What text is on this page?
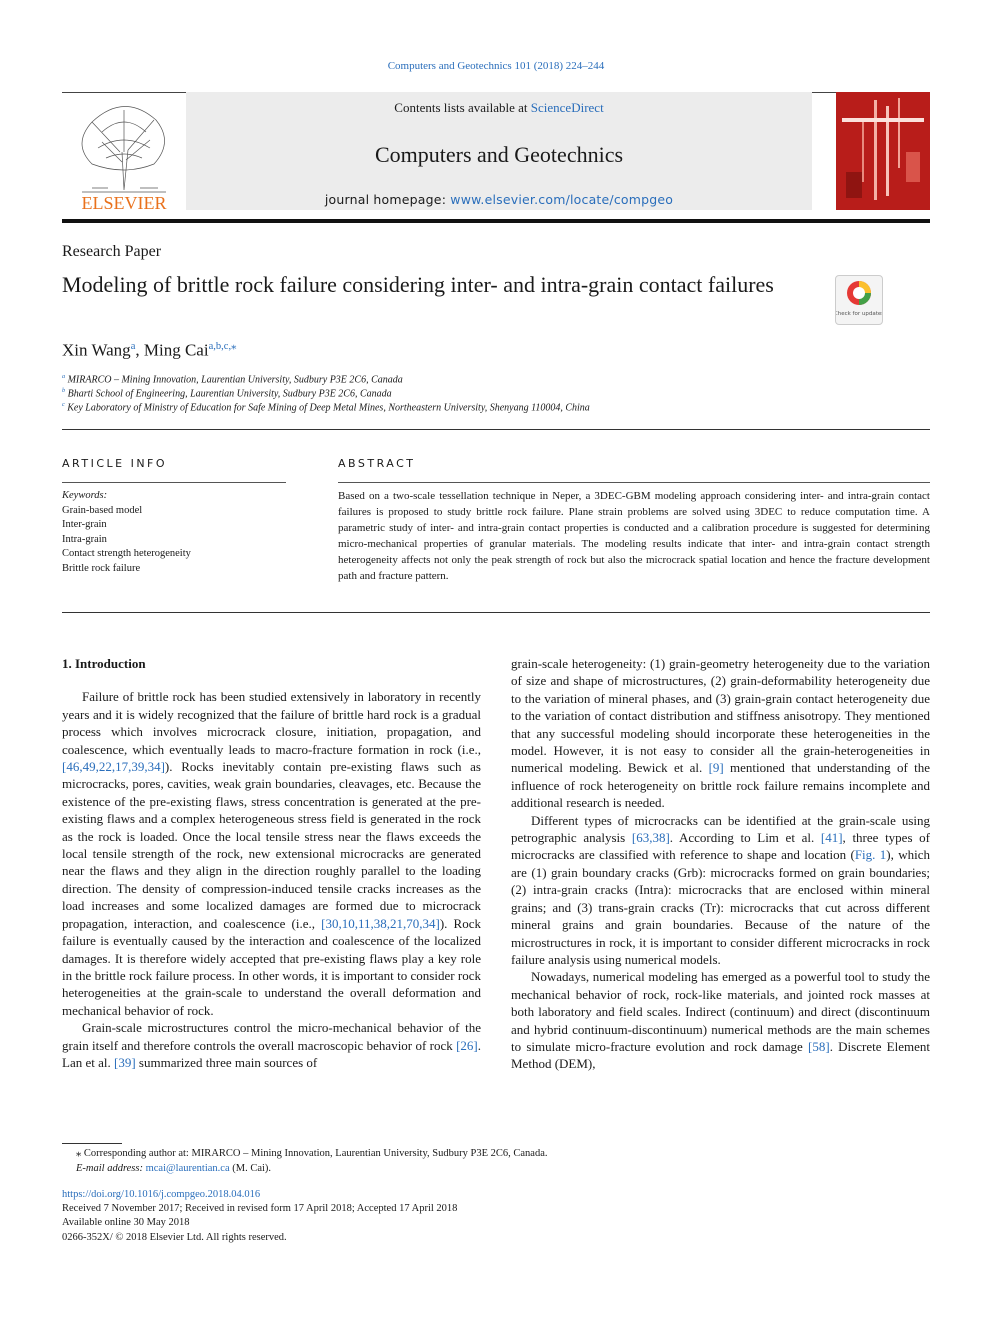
Computers and Geotechnics 101 (2018) 224–244
ELSEVIER
Contents lists available at ScienceDirect
Computers and Geotechnics
journal homepage: www.elsevier.com/locate/compgeo
Research Paper
Modeling of brittle rock failure considering inter- and intra-grain contact failures
Check for updates
Xin Wang$^a$, Ming Cai$^{a,b,c,⁎}$
$^a$ MIRARCO – Mining Innovation, Laurentian University, Sudbury P3E 2C6, Canada
$^b$ Bharti School of Engineering, Laurentian University, Sudbury P3E 2C6, Canada
$^c$ Key Laboratory of Ministry of Education for Safe Mining of Deep Metal Mines, Northeastern University, Shenyang 110004, China
ARTICLE INFO	ABSTRACT
Keywords:
Grain-based model
Inter-grain
Intra-grain
Contact strength heterogeneity
Brittle rock failure
Based on a two-scale tessellation technique in Neper, a 3DEC-GBM modeling approach considering inter- and intra-grain contact failures is proposed to study brittle rock failure. Plane strain problems are solved using 3DEC to reduce computation time. A parametric study of inter- and intra-grain contact properties is conducted and a calibration procedure is suggested for determining micro-mechanical properties of granular materials. The modeling results indicate that inter- and intra-grain contact strength heterogeneity affects not only the peak strength of rock but also the microcrack spatial location and hence the fracture development path and fracture pattern.
1. Introduction

Failure of brittle rock has been studied extensively in laboratory in recently years and it is widely recognized that the failure of brittle hard rock is a gradual process which involves microcrack closure, initiation, propagation, and coalescence, which eventually leads to macro-fracture formation in rock (i.e., [46,49,22,17,39,34]). Rocks inevitably contain pre-existing flaws such as microcracks, pores, cavities, weak grain boundaries, cleavages, etc. Because the existence of the pre-existing flaws, stress concentration is generated at the pre-existing flaws and a complex heterogeneous stress field is generated in the rock as the rock is loaded. Once the local tensile stress near the flaws exceeds the local tensile strength of the rock, new extensional microcracks are generated near the flaws and they align in the direction roughly parallel to the loading direction. The density of compression-induced tensile cracks increases as the load increases and some localized damages are formed due to microcrack propagation, interaction, and coalescence (i.e., [30,10,11,38,21,70,34]). Rock failure is eventually caused by the interaction and coalescence of the localized damages. It is therefore widely accepted that pre-existing flaws play a key role in the brittle rock failure process. In other words, it is important to consider rock heterogeneities at the grain-scale to understand the overall deformation and mechanical behavior of rock.

Grain-scale microstructures control the micro-mechanical behavior of the grain itself and therefore controls the overall macroscopic behavior of rock [26]. Lan et al. [39] summarized three main sources of

grain-scale heterogeneity: (1) grain-geometry heterogeneity due to the variation of size and shape of microstructures, (2) grain-deformability heterogeneity due to the variation of mineral phases, and (3) grain-grain contact heterogeneity due to the variation of contact distribution and stiffness anisotropy. They mentioned that any successful modeling should incorporate these heterogeneities in the model. However, it is not easy to consider all the grain-heterogeneities in numerical modeling. Bewick et al. [9] mentioned that understanding of the influence of rock heterogeneity on brittle rock failure remains incomplete and additional research is needed.

Different types of microcracks can be identified at the grain-scale using petrographic analysis [63,38]. According to Lim et al. [41], three types of microcracks are classified with reference to shape and location (Fig. 1), which are (1) grain boundary cracks (Grb): microcracks formed on grain boundaries; (2) intra-grain cracks (Intra): microcracks that are enclosed within mineral grains; and (3) trans-grain cracks (Tr): microcracks that cut across different mineral grains and grain boundaries. Because of the nature of the microstructures in rock, it is important to consider different microcracks in rock failure analysis using numerical models.

Nowadays, numerical modeling has emerged as a powerful tool to study the mechanical behavior of rock, rock-like materials, and jointed rock masses at both laboratory and field scales. Indirect (continuum) and direct (discontinuum and hybrid continuum-discontinuum) numerical methods are the main schemes to simulate micro-fracture evolution and rock damage [58]. Discrete Element Method (DEM),

⁎ Corresponding author at: MIRARCO – Mining Innovation, Laurentian University, Sudbury P3E 2C6, Canada.
E-mail address: mcai@laurentian.ca (M. Cai).
https://doi.org/10.1016/j.compgeo.2018.04.016
Received 7 November 2017; Received in revised form 17 April 2018; Accepted 17 April 2018
Available online 30 May 2018
0266-352X/ © 2018 Elsevier Ltd. All rights reserved.
